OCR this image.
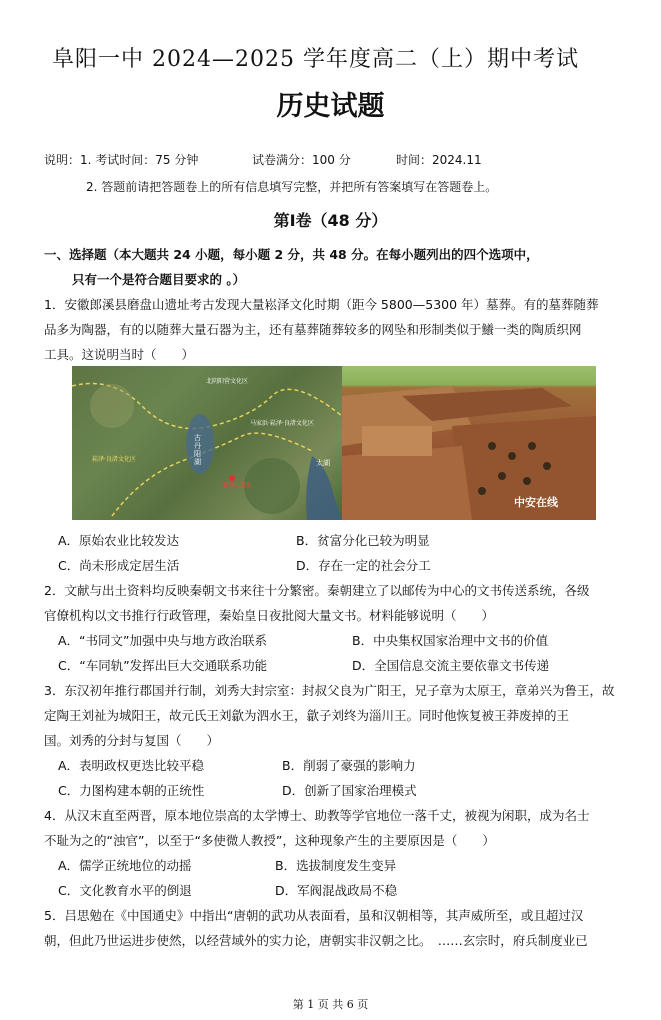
阜阳一中 2024—2025 学年度高二（上）期中考试
历史试题
说明： 1. 考试时间：75 分钟	试卷满分：100 分	时间：2024.11
2. 答题前请把答题卷上的所有信息填写完整，并把所有答案填写在答题卷上。
第Ⅰ卷（48 分）
一、选择题（本大题共 24 小题，每小题 2 分，共 48 分。在每小题列出的四个选项中，
只有一个是符合题目要求的 。）
1．安徽郎溪县磨盘山遗址考古发现大量崧泽文化时期（距今 5800—5300 年）墓葬。有的墓葬随葬
品多为陶器，有的以随葬大量石器为主，还有墓葬随葬较多的网坠和形制类似于鱶一类的陶质织网
工具。这说明当时（　　）
北阴阳营文化区
马家浜·崧泽·良渚文化区
崧泽·良渚文化区
古丹阳湖	太湖
磨盘山遗址
中安在线
A．原始农业比较发达	B．贫富分化已较为明显
C．尚未形成定居生活	D．存在一定的社会分工
2．文献与出土资料均反映秦朝文书来往十分繁密。秦朝建立了以邮传为中心的文书传送系统，各级
官僚机构以文书推行行政管理，秦始皇日夜批阅大量文书。材料能够说明（　　）
A．“书同文”加强中央与地方政治联系	B．中央集权国家治理中文书的价值
C．“车同轨”发挥出巨大交通联系功能	D．全国信息交流主要依靠文书传递
3．东汉初年推行郡国并行制，刘秀大封宗室：封叔父良为广阳王，兄子章为太原王，章弟兴为鲁王，故
定陶王刘祉为城阳王，故元氏王刘歙为泗水王，歙子刘终为淄川王。同时他恢复被王莽废掉的王
国。刘秀的分封与复国（　　）
A．表明政权更迭比较平稳	B．削弱了豪强的影响力
C．力图构建本朝的正统性	D．创新了国家治理模式
4．从汉末直至两晋，原本地位崇高的太学博士、助教等学官地位一落千丈，被视为闲职，成为名士
不耻为之的“浊官”，以至于“多使微人教授”，这种现象产生的主要原因是（　　）
A．儒学正统地位的动摇	B．选拔制度发生变异
C．文化教育水平的倒退	D．军阀混战政局不稳
5．吕思勉在《中国通史》中指出“唐朝的武功从表面看，虽和汉朝相等，其声威所至，或且超过汉
朝，但此乃世运进步使然，以经营域外的实力论，唐朝实非汉朝之比。　……玄宗时，府兵制度业已
第 1 页 共 6 页
